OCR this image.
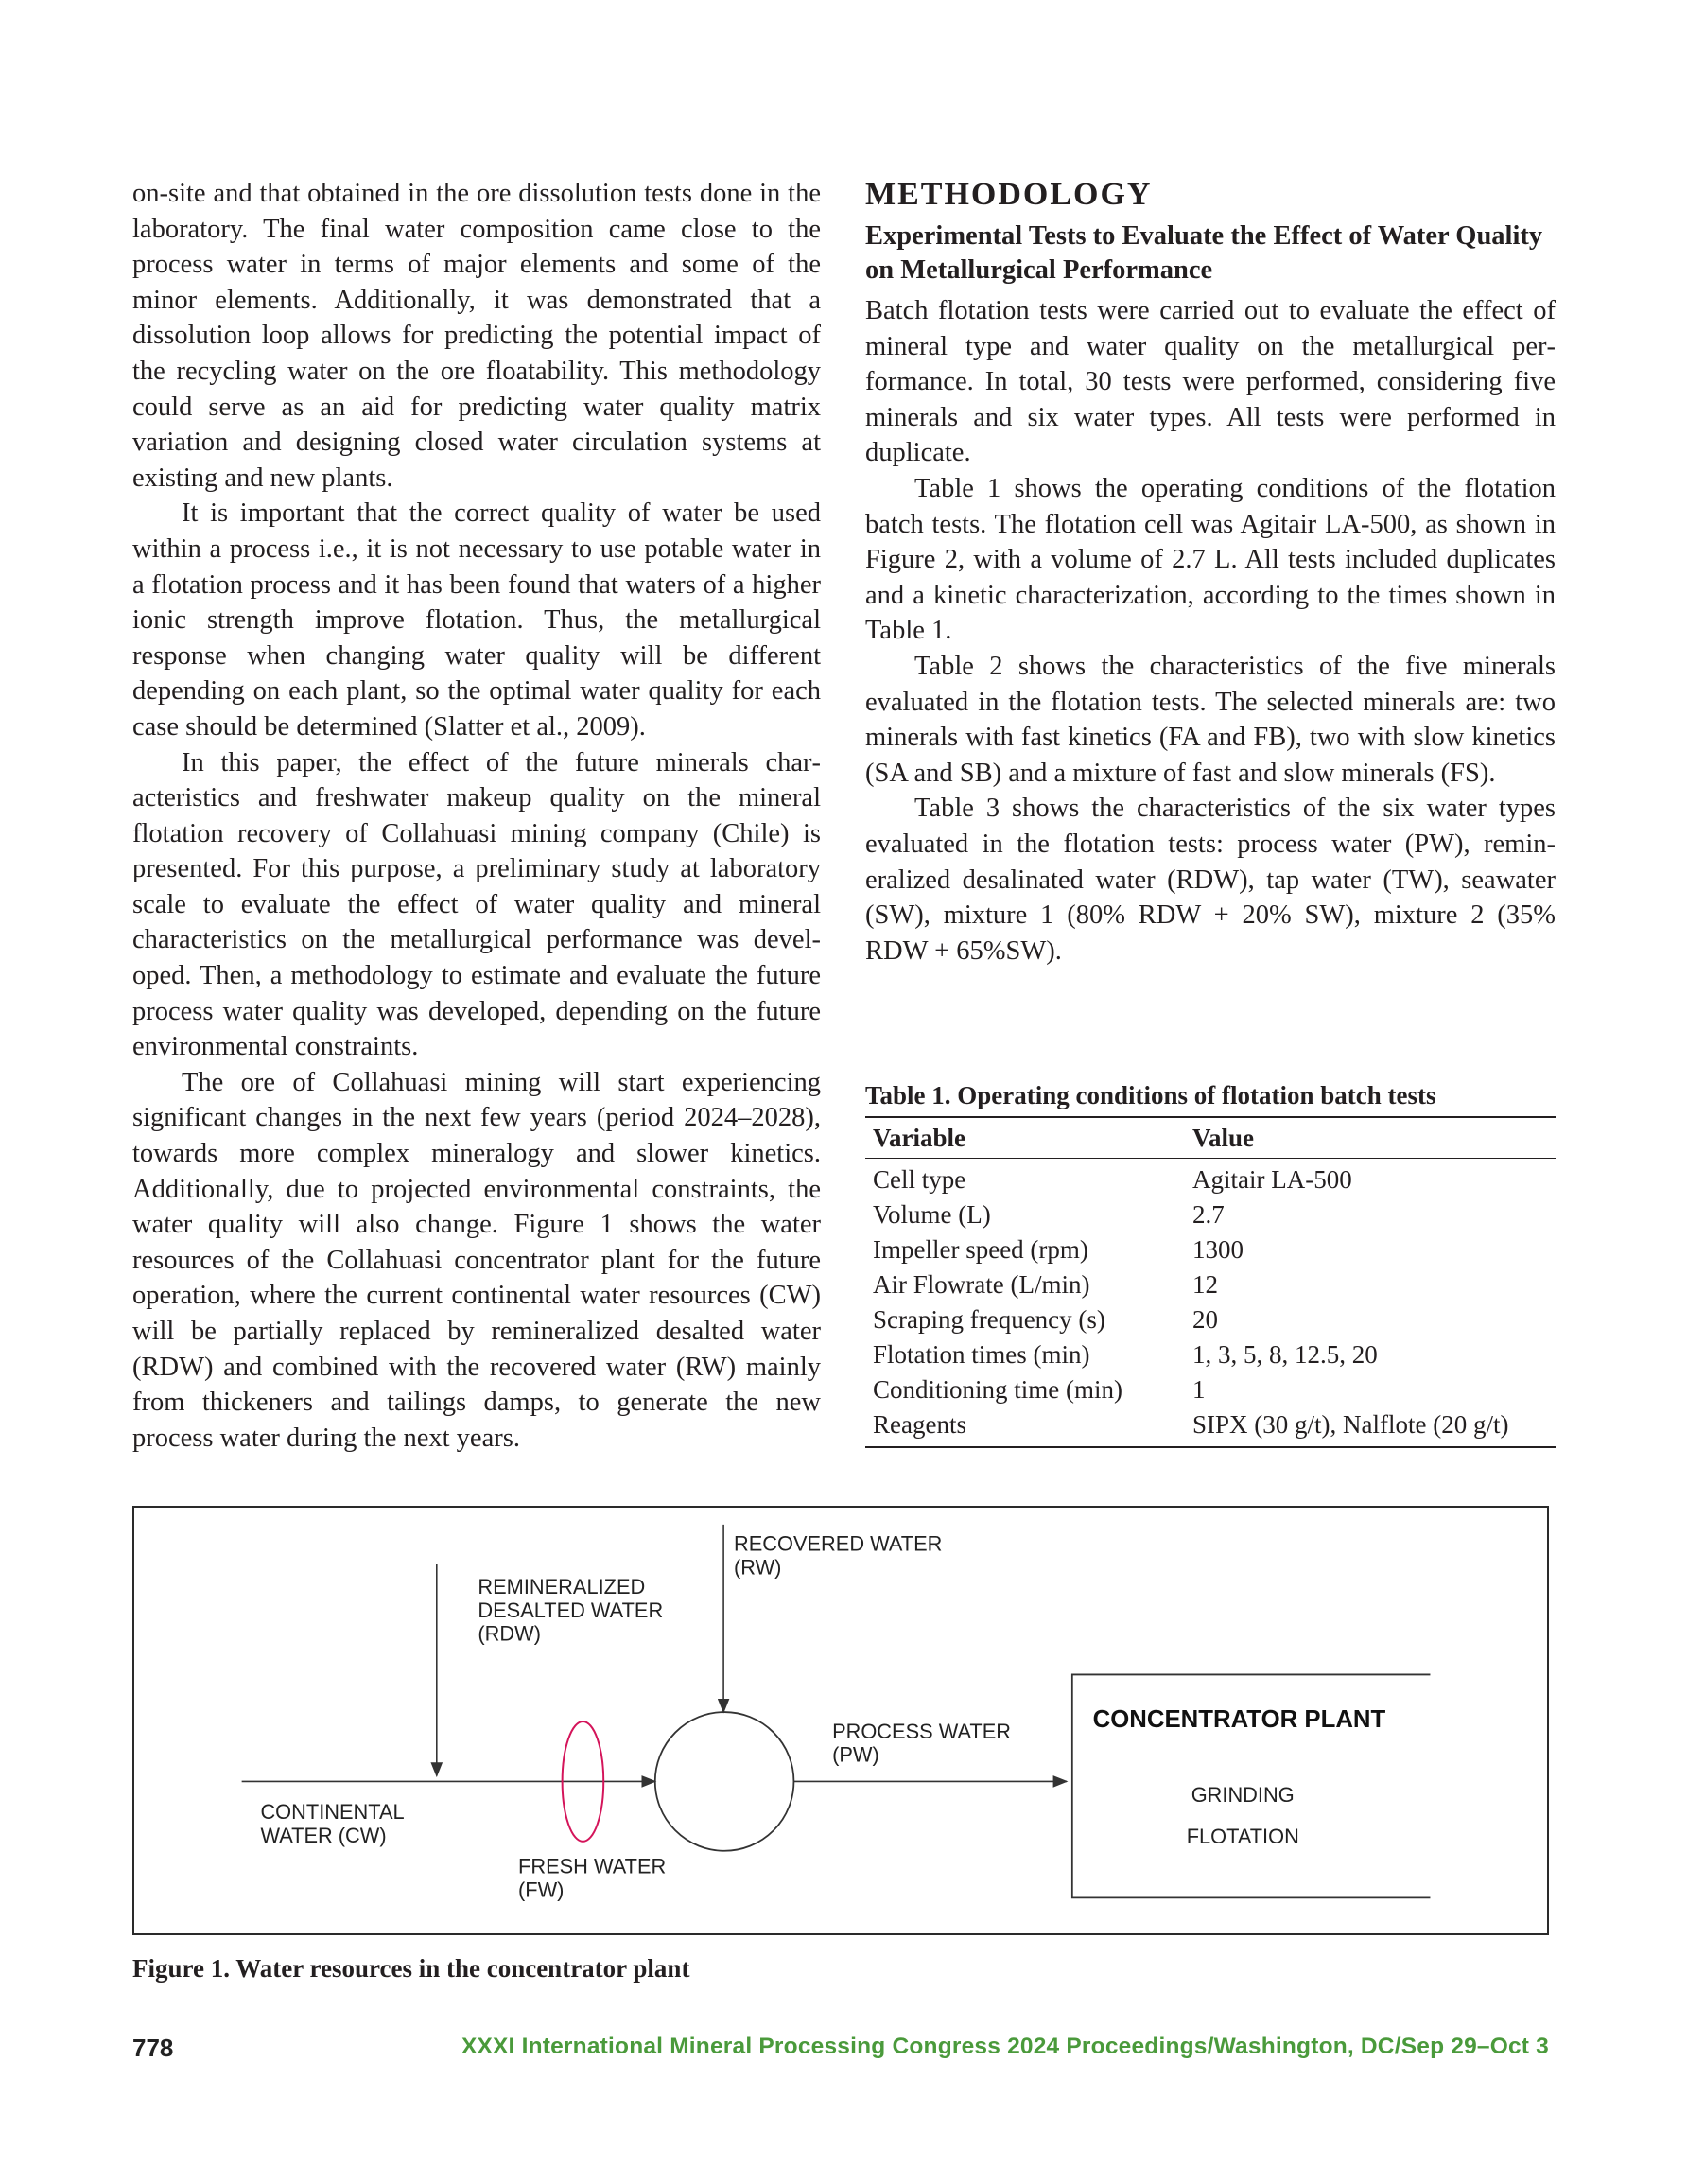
on-site and that obtained in the ore dissolution tests done in the laboratory. The final water composition came close to the process water in terms of major elements and some of the minor elements. Additionally, it was demonstrated that a dissolution loop allows for predicting the potential impact of the recycling water on the ore floatability. This methodology could serve as an aid for predicting water quality matrix variation and designing closed water circulation systems at existing and new plants.

It is important that the correct quality of water be used within a process i.e., it is not necessary to use potable water in a flotation process and it has been found that waters of a higher ionic strength improve flotation. Thus, the metallurgical response when changing water quality will be different depending on each plant, so the optimal water quality for each case should be determined (Slatter et al., 2009).

In this paper, the effect of the future minerals characteristics and freshwater makeup quality on the mineral flotation recovery of Collahuasi mining company (Chile) is presented. For this purpose, a preliminary study at laboratory scale to evaluate the effect of water quality and mineral characteristics on the metallurgical performance was developed. Then, a methodology to estimate and evaluate the future process water quality was developed, depending on the future environmental constraints.

The ore of Collahuasi mining will start experiencing significant changes in the next few years (period 2024–2028), towards more complex mineralogy and slower kinetics. Additionally, due to projected environmental constraints, the water quality will also change. Figure 1 shows the water resources of the Collahuasi concentrator plant for the future operation, where the current continental water resources (CW) will be partially replaced by remineralized desalted water (RDW) and combined with the recovered water (RW) mainly from thickeners and tailings damps, to generate the new process water during the next years.

METHODOLOGY
Experimental Tests to Evaluate the Effect of Water Quality on Metallurgical Performance

Batch flotation tests were carried out to evaluate the effect of mineral type and water quality on the metallurgical performance. In total, 30 tests were performed, considering five minerals and six water types. All tests were performed in duplicate.

Table 1 shows the operating conditions of the flotation batch tests. The flotation cell was Agitair LA-500, as shown in Figure 2, with a volume of 2.7 L. All tests included duplicates and a kinetic characterization, according to the times shown in Table 1.

Table 2 shows the characteristics of the five minerals evaluated in the flotation tests. The selected minerals are: two minerals with fast kinetics (FA and FB), two with slow kinetics (SA and SB) and a mixture of fast and slow minerals (FS).

Table 3 shows the characteristics of the six water types evaluated in the flotation tests: process water (PW), remineralized desalinated water (RDW), tap water (TW), seawater (SW), mixture 1 (80% RDW + 20% SW), mixture 2 (35% RDW + 65%SW).

Table 1. Operating conditions of flotation batch tests
Variable	Value
Cell type	Agitair LA-500
Volume (L)	2.7
Impeller speed (rpm)	1300
Air Flowrate (L/min)	12
Scraping frequency (s)	20
Flotation times (min)	1, 3, 5, 8, 12.5, 20
Conditioning time (min)	1
Reagents	SIPX (30 g/t), Nalflote (20 g/t)
REMINERALIZED DESALTED WATER (RDW)
RECOVERED WATER (RW)
CONTINENTAL WATER (CW)
FRESH WATER (FW)
PROCESS WATER (PW)
CONCENTRATOR PLANT
GRINDING
FLOTATION
Figure 1. Water resources in the concentrator plant
778	XXXI International Mineral Processing Congress 2024 Proceedings/Washington, DC/Sep 29–Oct 3
